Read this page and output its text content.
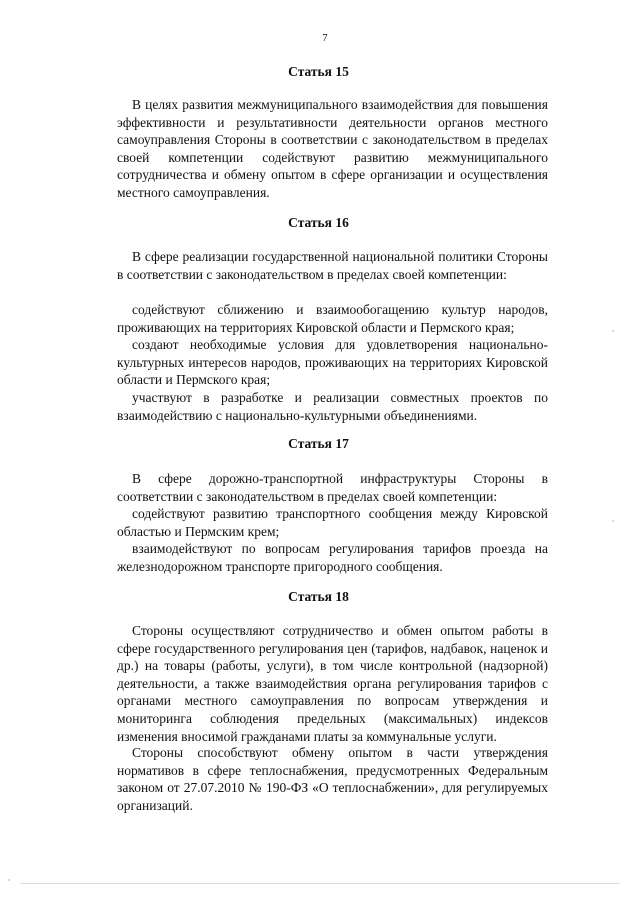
7
Статья 15
В целях развития межмуниципального взаимодействия для повышения эффективности и результативности деятельности органов местного самоуправления Стороны в соответствии с законодательством в пределах своей компетенции содействуют развитию межмуниципального сотрудничества и обмену опытом в сфере организации и осуществления местного самоуправления.
Статья 16
В сфере реализации государственной национальной политики Стороны в соответствии с законодательством в пределах своей компетенции:
содействуют сближению и взаимообогащению культур народов, проживающих на территориях Кировской области и Пермского края;
создают необходимые условия для удовлетворения национально-культурных интересов народов, проживающих на территориях Кировской области и Пермского края;
участвуют в разработке и реализации совместных проектов по взаимодействию с национально-культурными объединениями.
Статья 17
В сфере дорожно-транспортной инфраструктуры Стороны в соответствии с законодательством в пределах своей компетенции:
содействуют развитию транспортного сообщения между Кировской областью и Пермским крем;
взаимодействуют по вопросам регулирования тарифов проезда на железнодорожном транспорте пригородного сообщения.
Статья 18
Стороны осуществляют сотрудничество и обмен опытом работы в сфере государственного регулирования цен (тарифов, надбавок, наценок и др.) на товары (работы, услуги), в том числе контрольной (надзорной) деятельности, а также взаимодействия органа регулирования тарифов с органами местного самоуправления по вопросам утверждения и мониторинга соблюдения предельных (максимальных) индексов изменения вносимой гражданами платы за коммунальные услуги.
Стороны способствуют обмену опытом в части утверждения нормативов в сфере теплоснабжения, предусмотренных Федеральным законом от 27.07.2010 № 190-ФЗ «О теплоснабжении», для регулируемых организаций.
